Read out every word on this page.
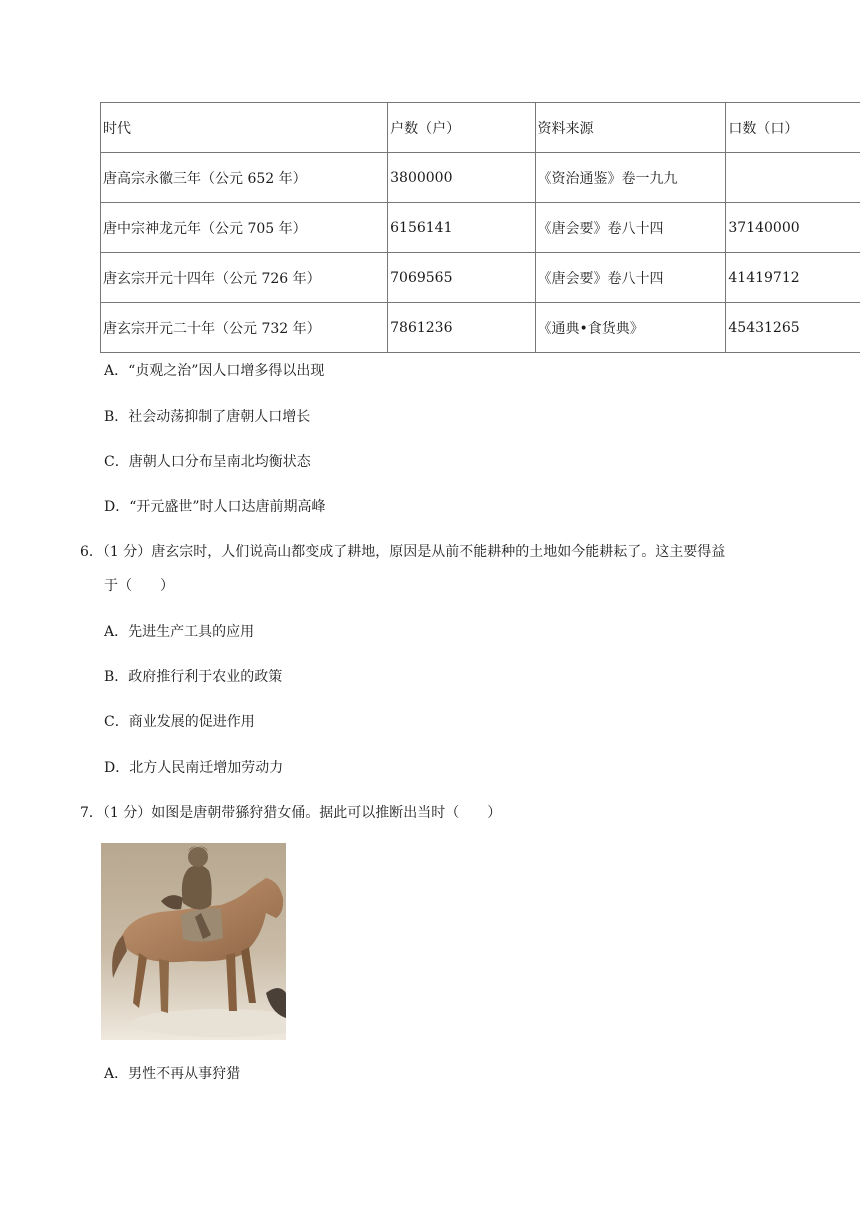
时代	户数（户）	资料来源	口数（口）
唐高宗永徽三年（公元 652 年）	3800000	《资治通鉴》卷一九九	
唐中宗神龙元年（公元 705 年）	6156141	《唐会要》卷八十四	37140000
唐玄宗开元十四年（公元 726 年）	7069565	《唐会要》卷八十四	41419712
唐玄宗开元二十年（公元 732 年）	7861236	《通典•食货典》	45431265
A．“贞观之治”因人口增多得以出现
B．社会动荡抑制了唐朝人口增长
C．唐朝人口分布呈南北均衡状态
D．“开元盛世”时人口达唐前期高峰
6．（1 分）唐玄宗时，人们说高山都变成了耕地，原因是从前不能耕种的土地如今能耕耘了。这主要得益
于（　　）
A．先进生产工具的应用
B．政府推行利于农业的政策
C．商业发展的促进作用
D．北方人民南迁增加劳动力
7．（1 分）如图是唐朝带猻狩猎女俑。据此可以推断出当时（　　）
A．男性不再从事狩猎
